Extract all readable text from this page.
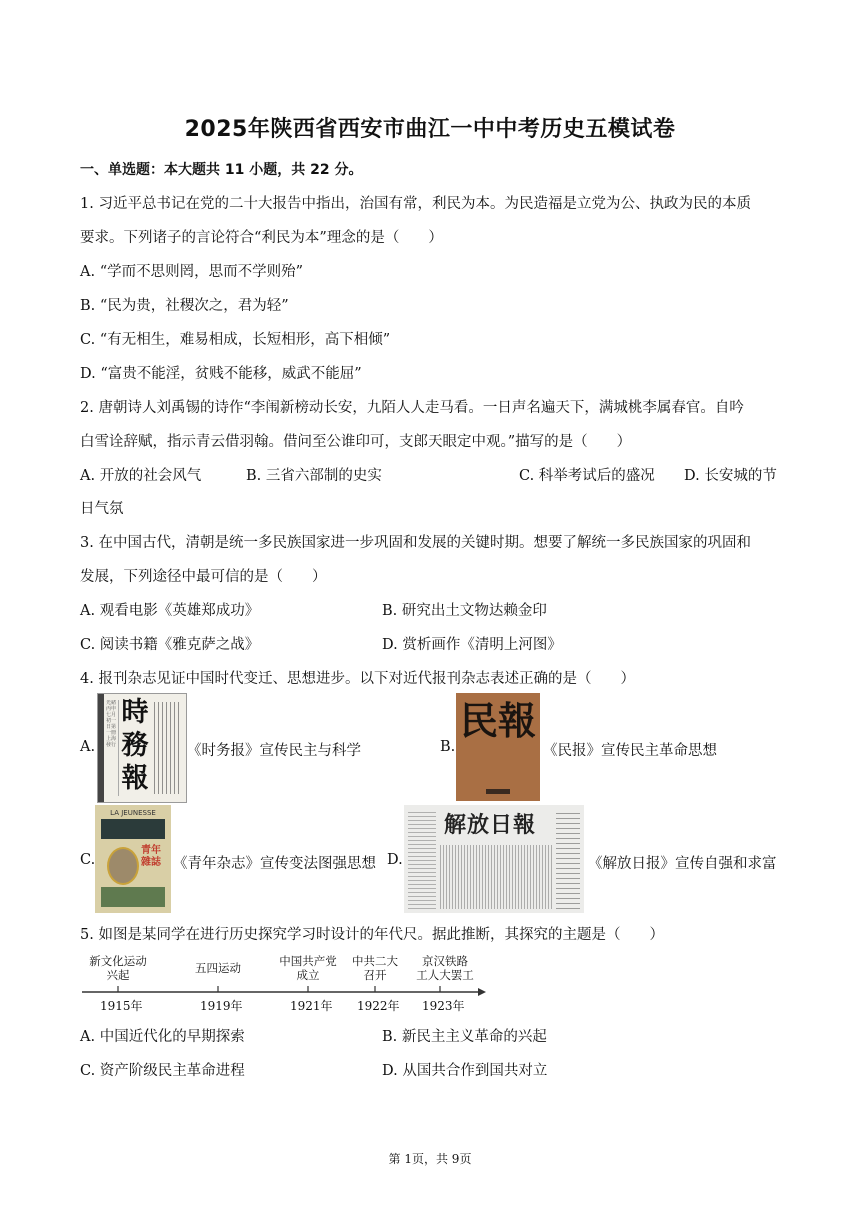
2025年陕西省西安市曲江一中中考历史五模试卷
一、单选题：本大题共 11 小题，共 22 分。
1. 习近平总书记在党的二十大报告中指出，治国有常，利民为本。为民造福是立党为公、执政为民的本质
要求。下列诸子的言论符合“利民为本”理念的是（　　）
A. “学而不思则罔，思而不学则殆”
B. “民为贵，社稷次之，君为轻”
C. “有无相生，难易相成，长短相形，高下相倾”
D. “富贵不能淫，贫贱不能移，威武不能屈”
2. 唐朝诗人刘禹锡的诗作“李闱新榜动长安，九陌人人走马看。一日声名遍天下，满城桃李属春官。自吟
白雪诠辞赋，指示青云借羽翰。借问至公谁印可，支郎天眼定中观。”描写的是（　　）
A. 开放的社会风气	B. 三省六部制的史实	C. 科举考试后的盛况 D. 长安城的节
日气氛
3. 在中国古代，清朝是统一多民族国家进一步巩固和发展的关键时期。想要了解统一多民族国家的巩固和
发展，下列途径中最可信的是（　　）
A. 观看电影《英雄郑成功》	B. 研究出土文物达赖金印
C. 阅读书籍《雅克萨之战》	D. 赏析画作《清明上河图》
4. 报刊杂志见证中国时代变迁、思想进步。以下对近代报刊杂志表述正确的是（　　）
A.
光緒丙申七月初一日第一冊上海發行
時務報
《时务报》宣传民主与科学	B.
民報
《民报》宣传民主革命思想
C.
LA JEUNESSE
青年雜誌 《青年杂志》宣传变法图强思想 D.
解放日報
《解放日报》宣传自强和求富
5. 如图是某同学在进行历史探究学习时设计的年代尺。据此推断，其探究的主题是（　　）
新文化运动
兴起	五四运动	中国共产党
成立
中共二大
召开
京汉铁路
工人大罢工
1915年	1919年	1921年 1922年 1923年
A. 中国近代化的早期探索	B. 新民主主义革命的兴起
C. 资产阶级民主革命进程	D. 从国共合作到国共对立
第 1页，共 9页
